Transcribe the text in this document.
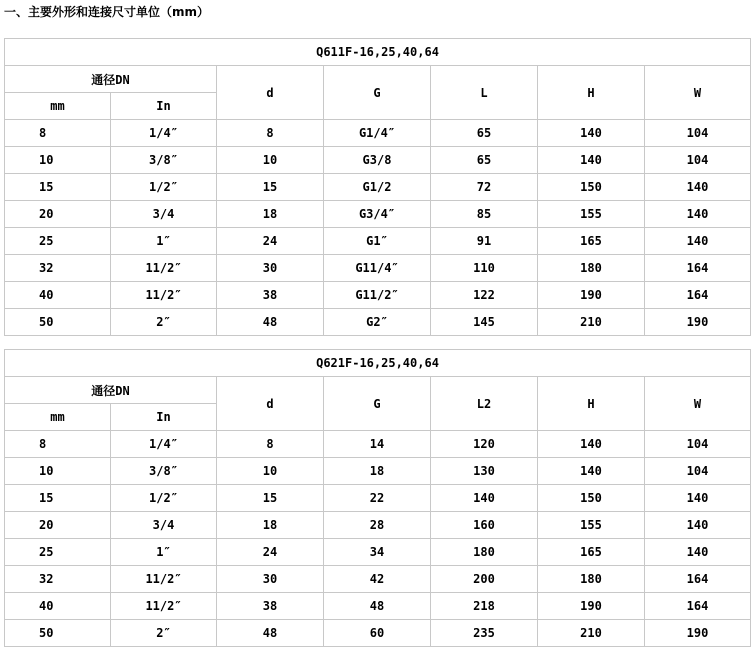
一、主要外形和连接尺寸单位（mm）
Q611F-16,25,40,64						
通径DN		d	G	L	H	W
mm	In					
8	1/4″	8	G1/4″	65	140	104
10	3/8″	10	G3/8	65	140	104
15	1/2″	15	G1/2	72	150	140
20	3/4	18	G3/4″	85	155	140
25	1″	24	G1″	91	165	140
32	11/2″	30	G11/4″	110	180	164
40	11/2″	38	G11/2″	122	190	164
50	2″	48	G2″	145	210	190
Q621F-16,25,40,64						
通径DN		d	G	L2	H	W
mm	In					
8	1/4″	8	14	120	140	104
10	3/8″	10	18	130	140	104
15	1/2″	15	22	140	150	140
20	3/4	18	28	160	155	140
25	1″	24	34	180	165	140
32	11/2″	30	42	200	180	164
40	11/2″	38	48	218	190	164
50	2″	48	60	235	210	190
